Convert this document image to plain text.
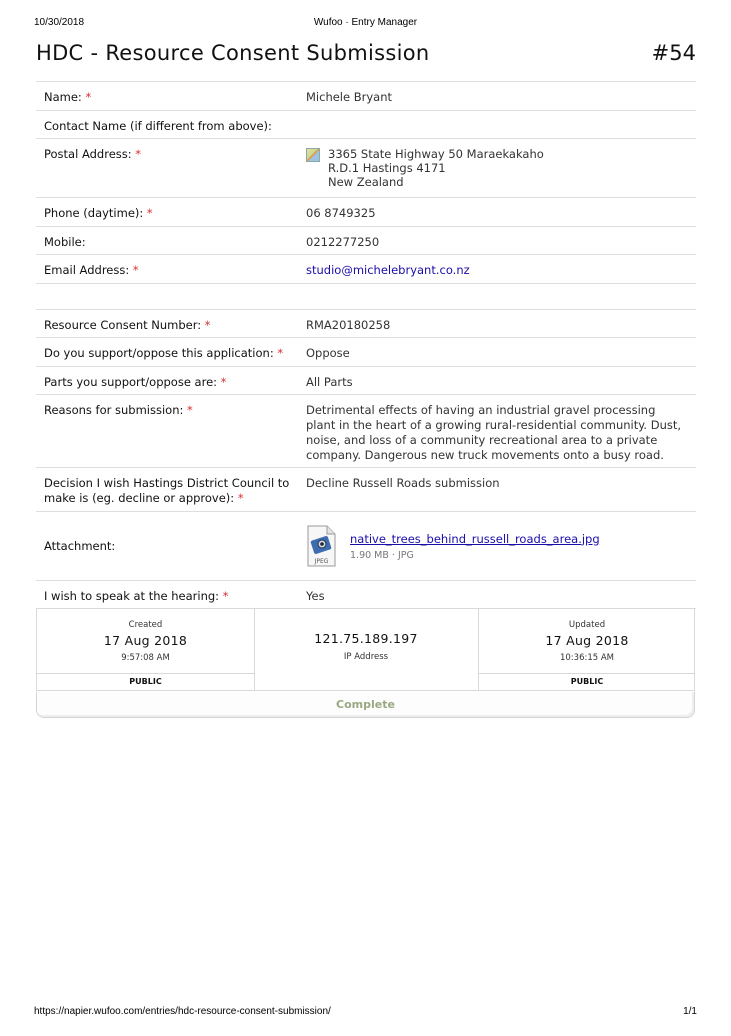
10/30/2018	Wufoo · Entry Manager
HDC - Resource Consent Submission	#54
Name: *	Michele Bryant
Contact Name (if different from above):	
Postal Address: *	3365 State Highway 50 Maraekakaho
R.D.1 Hastings 4171
New Zealand

Phone (daytime): *	06 8749325
Mobile:	0212277250
Email Address: *	studio@michelebryant.co.nz

Resource Consent Number: *	RMA20180258
Do you support/oppose this application: *	Oppose
Parts you support/oppose are: *	All Parts
Reasons for submission: *	Detrimental effects of having an industrial gravel processing plant in the heart of a growing rural-residential community. Dust, noise, and loss of a community recreational area to a private company. Dangerous new truck movements onto a busy road.
Decision I wish Hastings District Council to make is (eg. decline or approve): *	Decline Russell Roads submission
Attachment:	JPEG
native_trees_behind_russell_roads_area.jpg
1.90 MB · JPG

I wish to speak at the hearing: *	Yes
Created
17 Aug 2018
9:57:08 AM
PUBLIC
121.75.189.197
IP Address
Updated
17 Aug 2018
10:36:15 AM
PUBLIC
Complete
https://napier.wufoo.com/entries/hdc-resource-consent-submission/	1/1
